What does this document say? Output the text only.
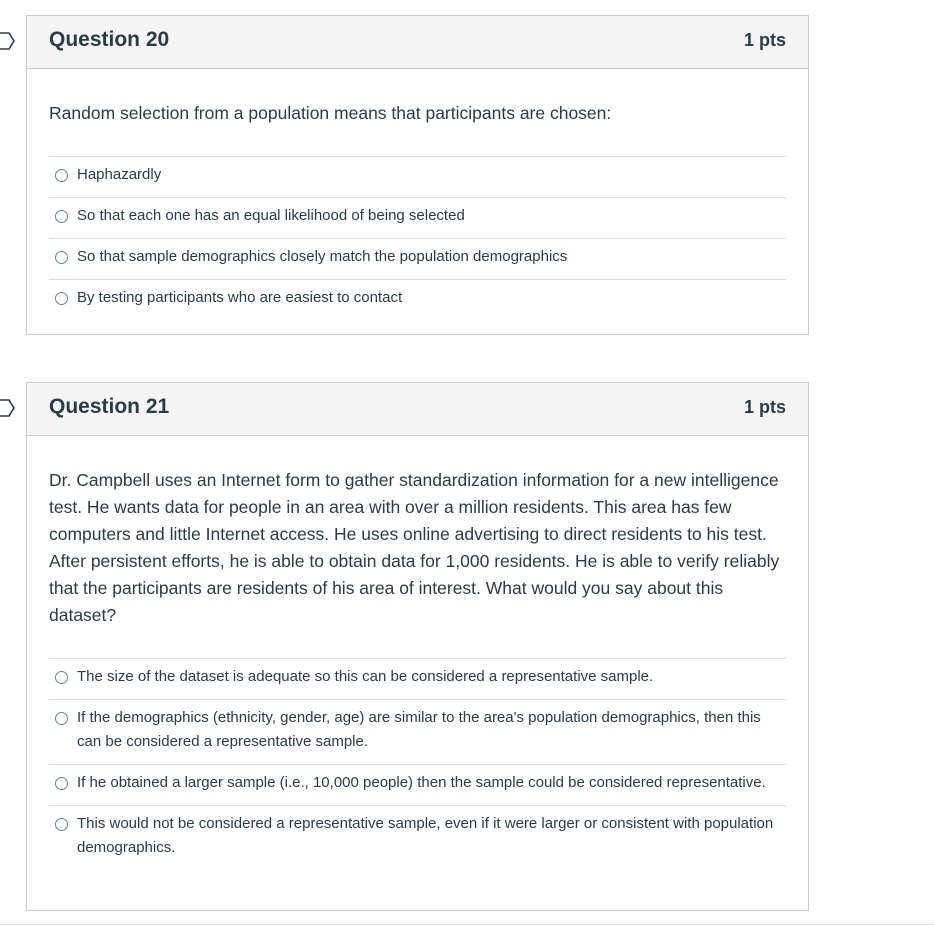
Question 20	1 pts

Random selection from a population means that participants are chosen:

Haphazardly
So that each one has an equal likelihood of being selected
So that sample demographics closely match the population demographics
By testing participants who are easiest to contact
Question 21	1 pts

Dr. Campbell uses an Internet form to gather standardization information for a new intelligence test. He wants data for people in an area with over a million residents. This area has few computers and little Internet access. He uses online advertising to direct residents to his test. After persistent efforts, he is able to obtain data for 1,000 residents. He is able to verify reliably that the participants are residents of his area of interest. What would you say about this dataset?

The size of the dataset is adequate so this can be considered a representative sample.
If the demographics (ethnicity, gender, age) are similar to the area's population demographics, then this can be considered a representative sample.
If he obtained a larger sample (i.e., 10,000 people) then the sample could be considered representative.
This would not be considered a representative sample, even if it were larger or consistent with population demographics.
